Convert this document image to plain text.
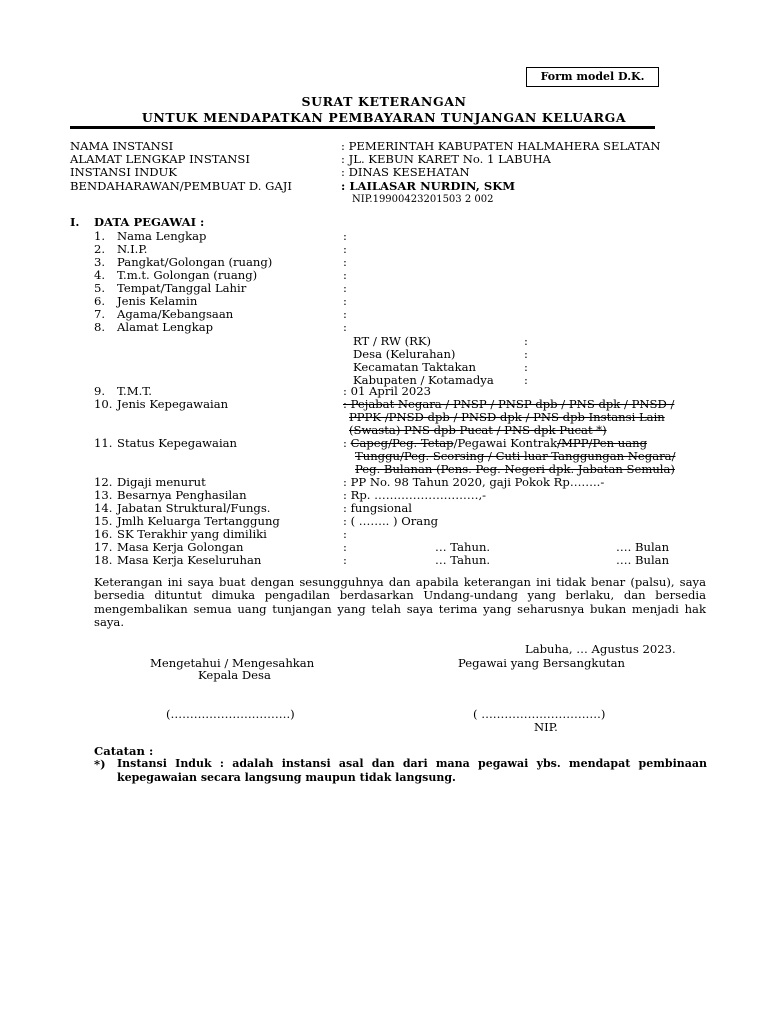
Form model D.K.
SURAT KETERANGAN
UNTUK MENDAPATKAN PEMBAYARAN TUNJANGAN KELUARGA
NAMA INSTANSI	: PEMERINTAH KABUPATEN HALMAHERA SELATAN
ALAMAT LENGKAP INSTANSI	: JL. KEBUN KARET No. 1 LABUHA
INSTANSI INDUK	: DINAS KESEHATAN
BENDAHARAWAN/PEMBUAT D. GAJI	: LAILASAR NURDIN, SKM
NIP.19900423201503 2 002
I. DATA PEGAWAI :
1. Nama Lengkap	:
2. N.I.P.	:
3. Pangkat/Golongan (ruang)	:
4. T.m.t. Golongan (ruang)	:
5. Tempat/Tanggal Lahir	:
6. Jenis Kelamin	:
7. Agama/Kebangsaan	:
8. Alamat Lengkap	:
RT / RW (RK)	:
Desa (Kelurahan)	:
Kecamatan Taktakan	:
Kabupaten / Kotamadya	:
9. T.M.T.	: 01 April 2023
10. Jenis Kepegawaian	: Pejabat Negara / PNSP / PNSP dpb / PNS dpk / PNSD /
PPPK /PNSD dpb / PNSD dpk / PNS dpb Instansi Lain
(Swasta) PNS dpb Pucat / PNS dpk Pucat *)
11. Status Kepegawaian	: Capeg/Peg. Tetap/Pegawai Kontrak/MPP/Pen uang
Tunggu/Peg. Scorsing / Cuti luar Tanggungan Negara/
Peg. Bulanan (Pens. Peg. Negeri dpk. Jabatan Semula)
12. Digaji menurut	: PP No. 98 Tahun 2020, gaji Pokok Rp……..-
13. Besarnya Penghasilan	: Rp. ………………………,-
14. Jabatan Struktural/Fungs.	: fungsional
15. Jmlh Keluarga Tertanggung	: ( …….. ) Orang
16. SK Terakhir yang dimiliki	:
17. Masa Kerja Golongan	:	… Tahun.	…. Bulan
18. Masa Kerja Keseluruhan	:	… Tahun.	…. Bulan
Keterangan ini saya buat dengan sesungguhnya dan apabila keterangan ini tidak benar (palsu), saya bersedia dituntut dimuka pengadilan berdasarkan Undang-undang yang berlaku, dan bersedia mengembalikan semua uang tunjangan yang telah saya terima yang seharusnya bukan menjadi hak saya.
Labuha, … Agustus 2023.
Mengetahui / Mengesahkan
Kepala Desa
Pegawai yang Bersangkutan
(………………………….)	( ………………………….)
NIP.
Catatan :
*) Instansi Induk : adalah instansi asal dan dari mana pegawai ybs. mendapat pembinaan kepegawaian secara langsung maupun tidak langsung.
